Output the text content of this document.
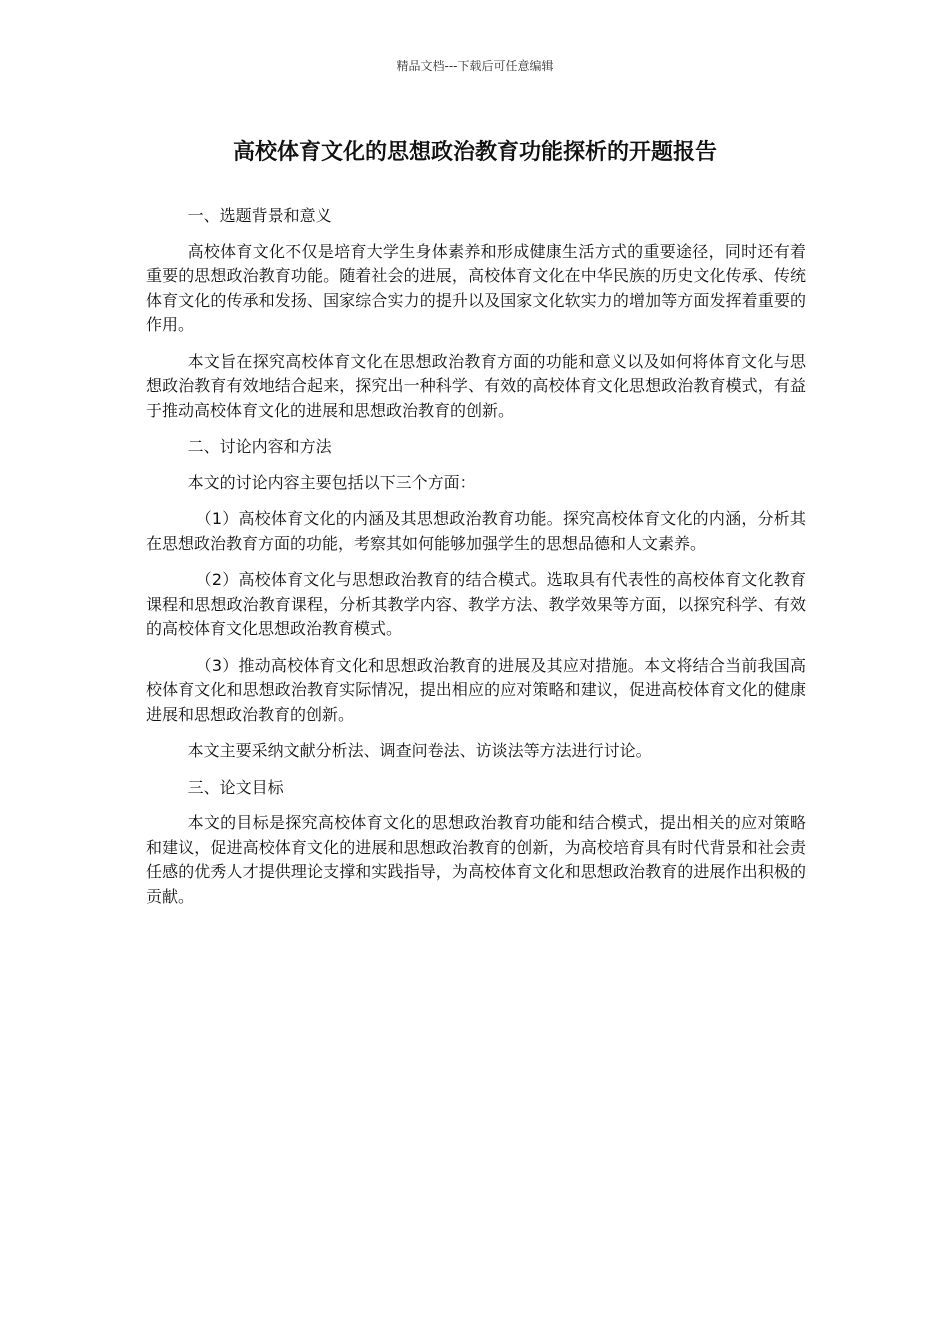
精品文档---下载后可任意编辑
高校体育文化的思想政治教育功能探析的开题报告

一、选题背景和意义

高校体育文化不仅是培育大学生身体素养和形成健康生活方式的重要途径，同时还有着重要的思想政治教育功能。随着社会的进展，高校体育文化在中华民族的历史文化传承、传统体育文化的传承和发扬、国家综合实力的提升以及国家文化软实力的增加等方面发挥着重要的作用。

本文旨在探究高校体育文化在思想政治教育方面的功能和意义以及如何将体育文化与思想政治教育有效地结合起来，探究出一种科学、有效的高校体育文化思想政治教育模式，有益于推动高校体育文化的进展和思想政治教育的创新。

二、讨论内容和方法

本文的讨论内容主要包括以下三个方面：

（1）高校体育文化的内涵及其思想政治教育功能。探究高校体育文化的内涵，分析其在思想政治教育方面的功能，考察其如何能够加强学生的思想品德和人文素养。

（2）高校体育文化与思想政治教育的结合模式。选取具有代表性的高校体育文化教育课程和思想政治教育课程，分析其教学内容、教学方法、教学效果等方面，以探究科学、有效的高校体育文化思想政治教育模式。

（3）推动高校体育文化和思想政治教育的进展及其应对措施。本文将结合当前我国高校体育文化和思想政治教育实际情况，提出相应的应对策略和建议，促进高校体育文化的健康进展和思想政治教育的创新。

本文主要采纳文献分析法、调查问卷法、访谈法等方法进行讨论。

三、论文目标

本文的目标是探究高校体育文化的思想政治教育功能和结合模式，提出相关的应对策略和建议，促进高校体育文化的进展和思想政治教育的创新，为高校培育具有时代背景和社会责任感的优秀人才提供理论支撑和实践指导，为高校体育文化和思想政治教育的进展作出积极的贡献。
